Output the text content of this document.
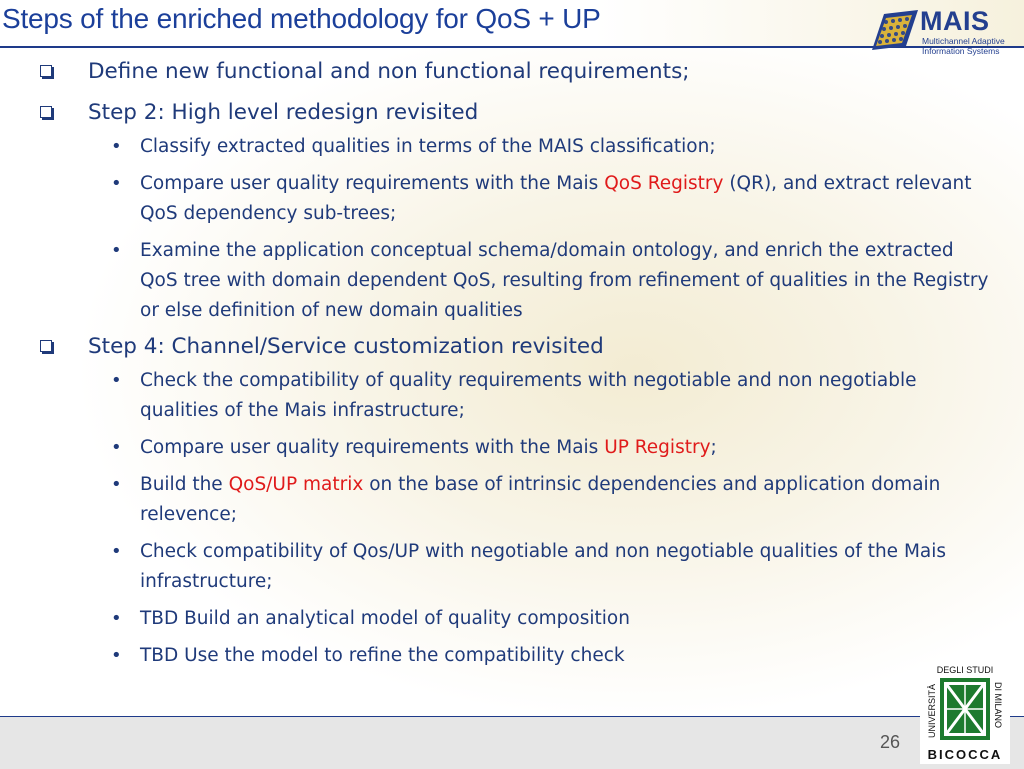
Steps of the enriched methodology for QoS + UP	MAIS
Multichannel Adaptive
Information Systems
Define new functional and non functional requirements;
Step 2: High level redesign revisited
• Classify extracted qualities in terms of the MAIS classification;
• Compare user quality requirements with the Mais QoS Registry (QR), and extract relevant QoS dependency sub-trees;
• Examine the application conceptual schema/domain ontology, and enrich the extracted QoS tree with domain dependent QoS, resulting from refinement of qualities in the Registry or else definition of new domain qualities
Step 4: Channel/Service customization revisited
• Check the compatibility of quality requirements with negotiable and non negotiable qualities of the Mais infrastructure;
• Compare user quality requirements with the Mais UP Registry;
• Build the QoS/UP matrix on the base of intrinsic dependencies and application domain relevence;
• Check compatibility of Qos/UP with negotiable and non negotiable qualities of the Mais infrastructure;
• TBD Build an analytical model of quality composition
• TBD Use the model to refine the compatibility check
26
DEGLI STUDI
UNIVERSITÀ	DI MILANO
BICOCCA
